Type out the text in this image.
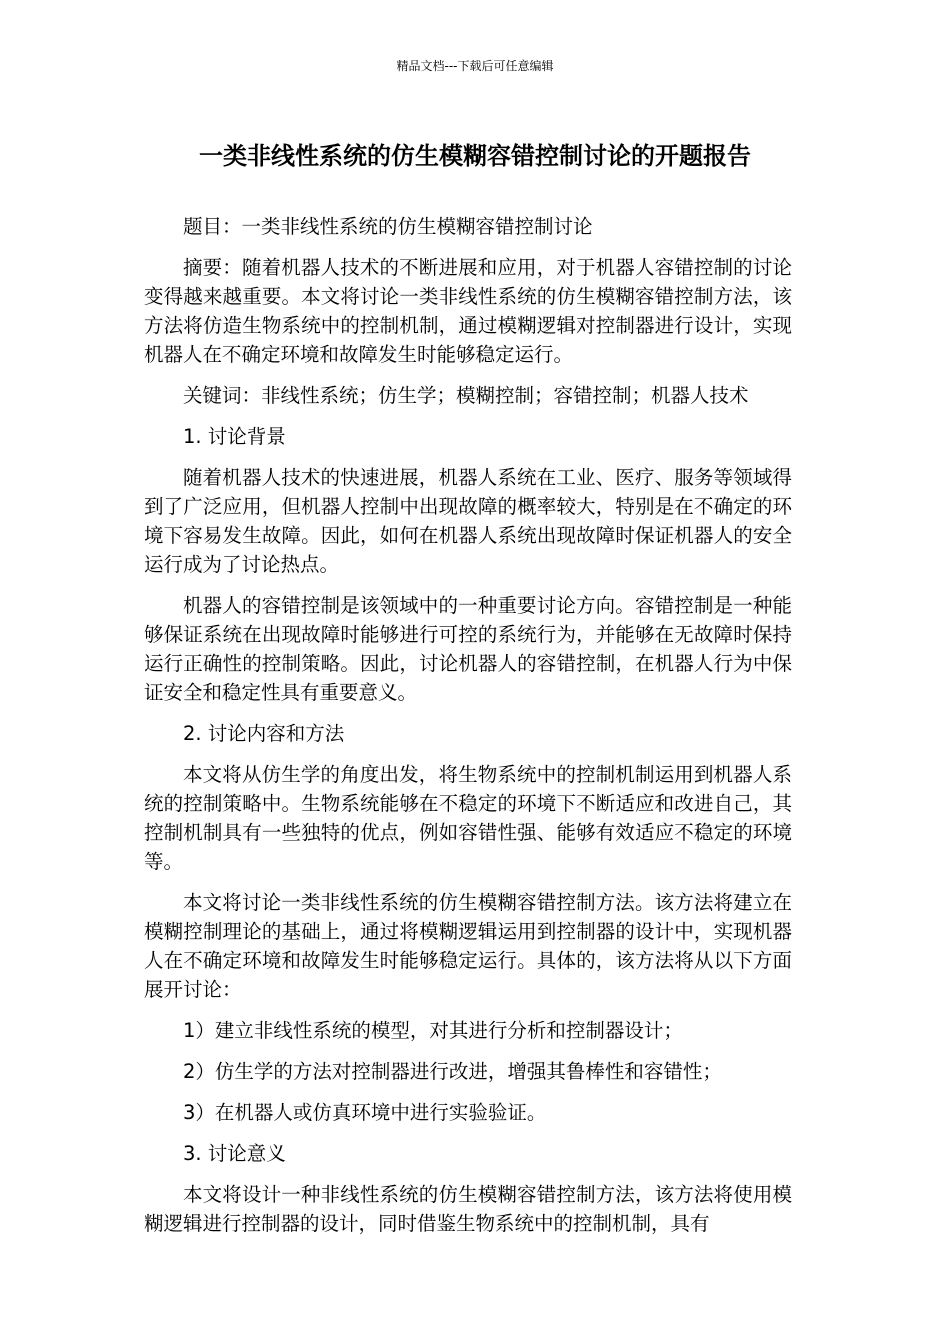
精品文档---下载后可任意编辑
一类非线性系统的仿生模糊容错控制讨论的开题报告

题目：一类非线性系统的仿生模糊容错控制讨论

摘要：随着机器人技术的不断进展和应用，对于机器人容错控制的讨论变得越来越重要。本文将讨论一类非线性系统的仿生模糊容错控制方法，该方法将仿造生物系统中的控制机制，通过模糊逻辑对控制器进行设计，实现机器人在不确定环境和故障发生时能够稳定运行。

关键词：非线性系统；仿生学；模糊控制；容错控制；机器人技术

1. 讨论背景

随着机器人技术的快速进展，机器人系统在工业、医疗、服务等领域得到了广泛应用，但机器人控制中出现故障的概率较大，特别是在不确定的环境下容易发生故障。因此，如何在机器人系统出现故障时保证机器人的安全运行成为了讨论热点。

机器人的容错控制是该领域中的一种重要讨论方向。容错控制是一种能够保证系统在出现故障时能够进行可控的系统行为，并能够在无故障时保持运行正确性的控制策略。因此，讨论机器人的容错控制，在机器人行为中保证安全和稳定性具有重要意义。

2. 讨论内容和方法

本文将从仿生学的角度出发，将生物系统中的控制机制运用到机器人系统的控制策略中。生物系统能够在不稳定的环境下不断适应和改进自己，其控制机制具有一些独特的优点，例如容错性强、能够有效适应不稳定的环境等。

本文将讨论一类非线性系统的仿生模糊容错控制方法。该方法将建立在模糊控制理论的基础上，通过将模糊逻辑运用到控制器的设计中，实现机器人在不确定环境和故障发生时能够稳定运行。具体的，该方法将从以下方面展开讨论：

1）建立非线性系统的模型，对其进行分析和控制器设计；

2）仿生学的方法对控制器进行改进，增强其鲁棒性和容错性；

3）在机器人或仿真环境中进行实验验证。

3. 讨论意义

本文将设计一种非线性系统的仿生模糊容错控制方法，该方法将使用模糊逻辑进行控制器的设计，同时借鉴生物系统中的控制机制，具有
